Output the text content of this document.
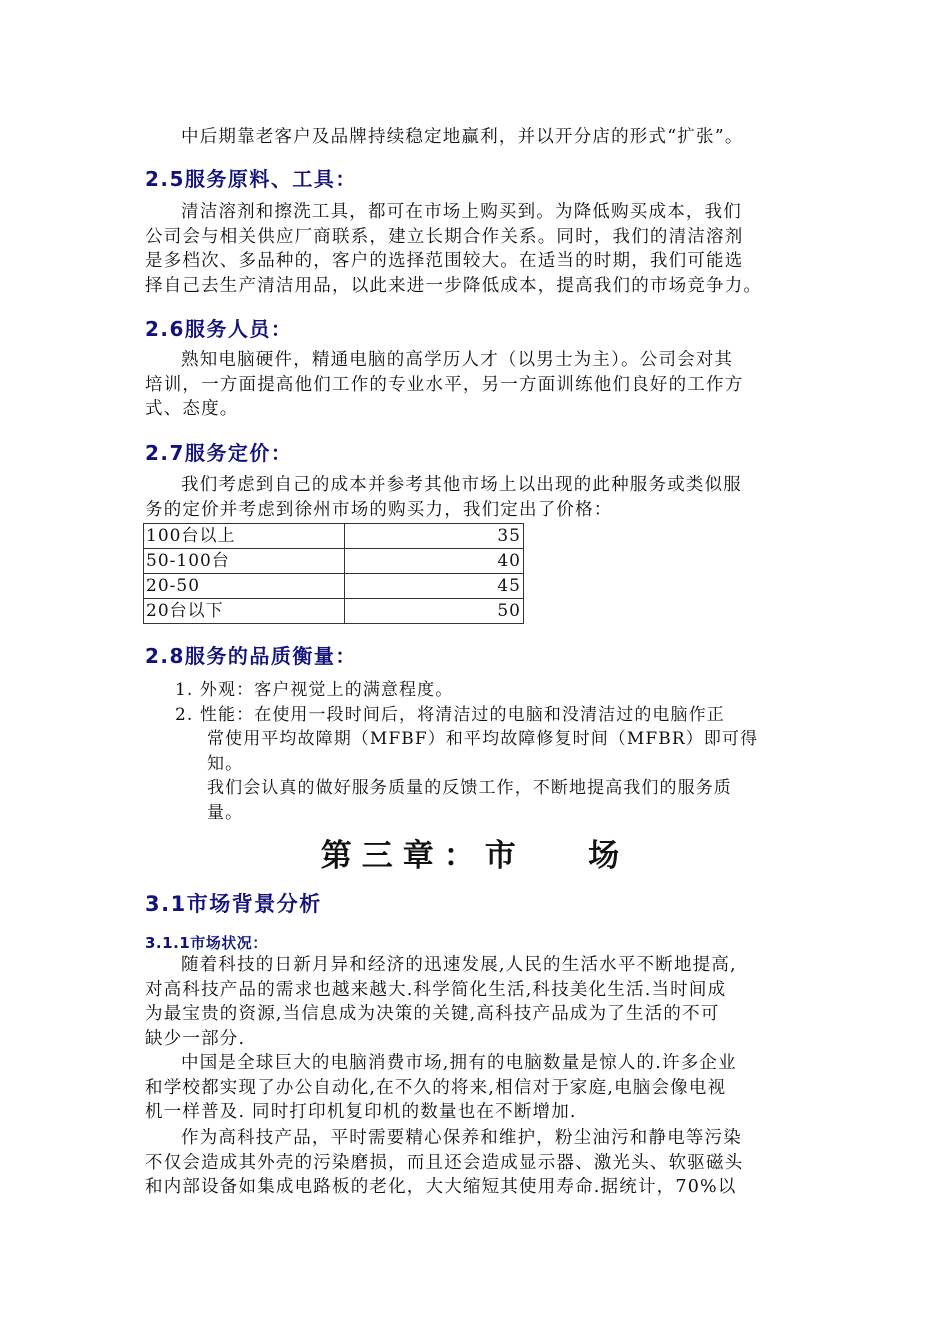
中后期靠老客户及品牌持续稳定地赢利，并以开分店的形式“扩张”。
2.5服务原料、工具：
清洁溶剂和擦洗工具，都可在市场上购买到。为降低购买成本，我们
公司会与相关供应厂商联系，建立长期合作关系。同时，我们的清洁溶剂
是多档次、多品种的，客户的选择范围较大。在适当的时期，我们可能选
择自己去生产清洁用品，以此来进一步降低成本，提高我们的市场竞争力。
2.6服务人员：
熟知电脑硬件，精通电脑的高学历人才（以男士为主）。公司会对其
培训，一方面提高他们工作的专业水平，另一方面训练他们良好的工作方
式、态度。
2.7服务定价：
我们考虑到自己的成本并参考其他市场上以出现的此种服务或类似服
务的定价并考虑到徐州市场的购买力，我们定出了价格：
100台以上	35
50-100台	40
20-50	45
20台以下	50
2.8服务的品质衡量：
1. 外观：客户视觉上的满意程度。
2. 性能：在使用一段时间后，将清洁过的电脑和没清洁过的电脑作正
常使用平均故障期（MFBF）和平均故障修复时间（MFBR）即可得
知。
我们会认真的做好服务质量的反馈工作，不断地提高我们的服务质
量。
第三章：市   场
3.1市场背景分析
3.1.1市场状况：
随着科技的日新月异和经济的迅速发展,人民的生活水平不断地提高,
对高科技产品的需求也越来越大.科学简化生活,科技美化生活.当时间成
为最宝贵的资源,当信息成为决策的关键,高科技产品成为了生活的不可
缺少一部分.
中国是全球巨大的电脑消费市场,拥有的电脑数量是惊人的.许多企业
和学校都实现了办公自动化,在不久的将来,相信对于家庭,电脑会像电视
机一样普及. 同时打印机复印机的数量也在不断增加.
作为高科技产品，平时需要精心保养和维护，粉尘油污和静电等污染
不仅会造成其外壳的污染磨损，而且还会造成显示器、激光头、软驱磁头
和内部设备如集成电路板的老化，大大缩短其使用寿命.据统计，70%以
